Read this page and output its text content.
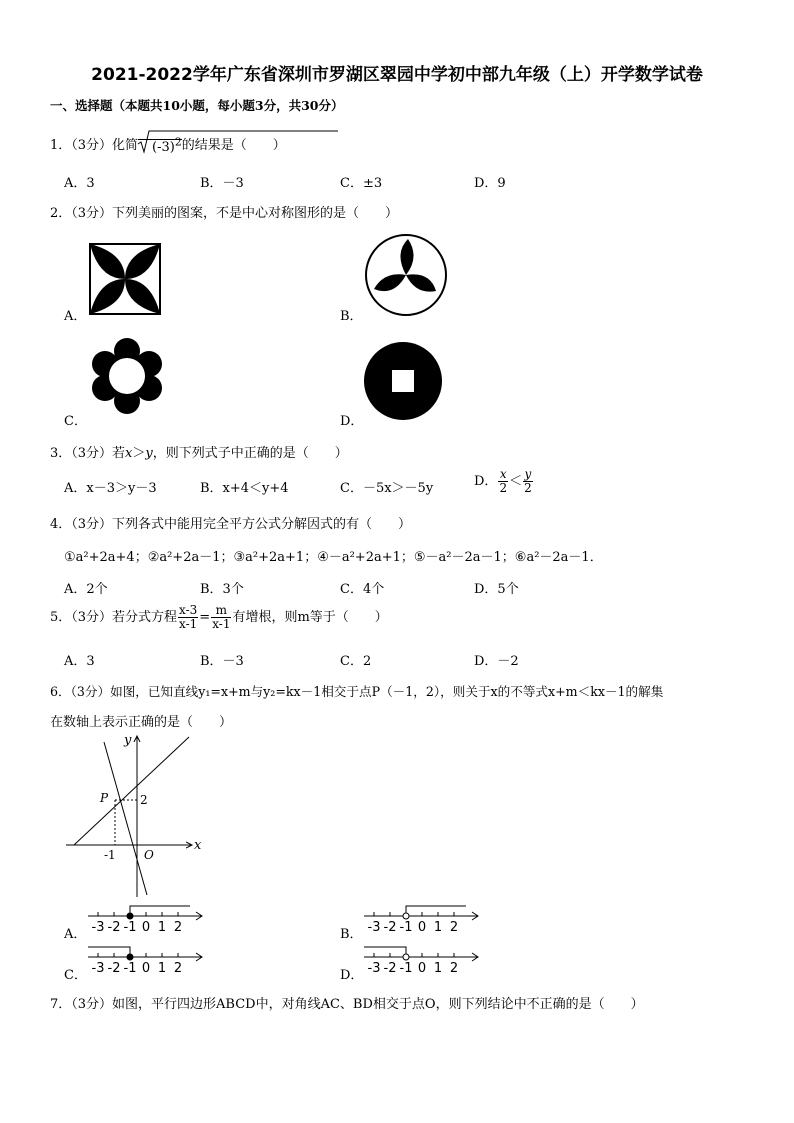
2021-2022学年广东省深圳市罗湖区翠园中学初中部九年级（上）开学数学试卷
一、选择题（本题共10小题，每小题3分，共30分）
1．（3分）化简 $(-3)^2$的结果是（　　）
A．3	B．－3	C．±3	D．9
2．（3分）下列美丽的图案，不是中心对称图形的是（　　）
A．	B．
C．	D．
3．（3分）若x＞y，则下列式子中正确的是（　　）
A．x－3＞y－3	B．x+4＜y+4	C．－5x＞－5y	D． $\frac{x}{2} < \frac{y}{2}$
4．（3分）下列各式中能用完全平方公式分解因式的有（　　）
①a²+2a+4；②a²+2a－1；③a²+2a+1；④－a²+2a+1；⑤－a²－2a－1；⑥a²－2a－1．
A．2个	B．3个	C．4个	D．5个
5．（3分）若分式方程 $\frac{x-3}{x-1} = \frac{m}{x-1}$ 有增根，则m等于（　　）
A．3	B．－3	C．2	D．－2
6．（3分）如图，已知直线y₁=x+m与y₂=kx－1相交于点P（－1，2），则关于x的不等式x+m＜kx－1的解集
在数轴上表示正确的是（　　）
y
x
P	2
-1 O
A．	B．
C．	D．
-3 -2 -1 0 1 2	-3 -2 -1 0 1 2
-3 -2 -1 0 1 2	-3 -2 -1 0 1 2
7．（3分）如图，平行四边形ABCD中，对角线AC、BD相交于点O，则下列结论中不正确的是（　　）
